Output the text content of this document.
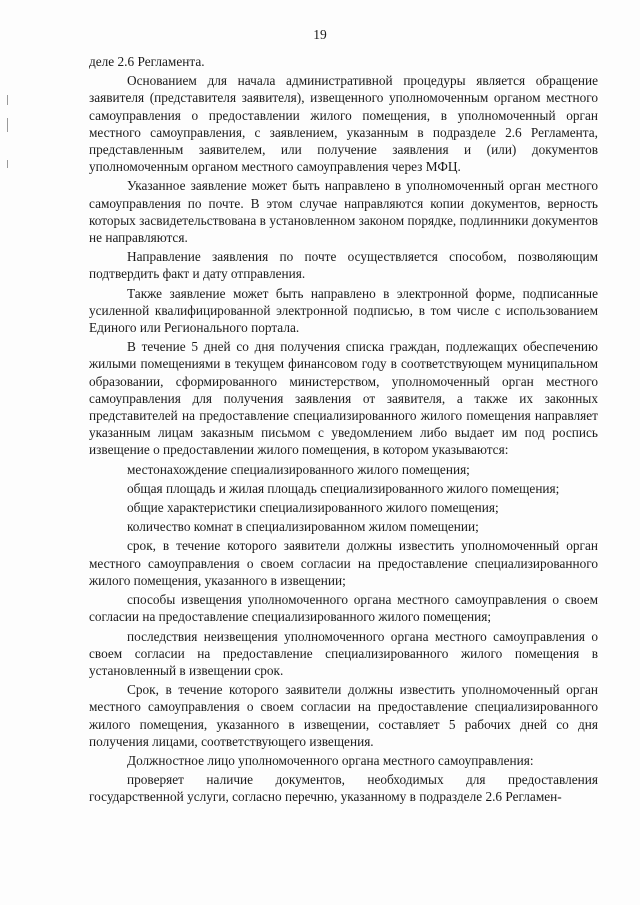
19

деле 2.6 Регламента.

Основанием для начала административной процедуры является обращение заявителя (представителя заявителя), извещенного уполномоченным органом местного самоуправления о предоставлении жилого помещения, в уполномоченный орган местного самоуправления, с заявлением, указанным в подразделе 2.6 Регламента, представленным заявителем, или получение заявления и (или) документов уполномоченным органом местного самоуправления через МФЦ.

Указанное заявление может быть направлено в уполномоченный орган местного самоуправления по почте. В этом случае направляются копии документов, верность которых засвидетельствована в установленном законом порядке, подлинники документов не направляются.

Направление заявления по почте осуществляется способом, позволяющим подтвердить факт и дату отправления.

Также заявление может быть направлено в электронной форме, подписанные усиленной квалифицированной электронной подписью, в том числе с использованием Единого или Регионального портала.

В течение 5 дней со дня получения списка граждан, подлежащих обеспечению жилыми помещениями в текущем финансовом году в соответствующем муниципальном образовании, сформированного министерством, уполномоченный орган местного самоуправления для получения заявления от заявителя, а также их законных представителей на предоставление специализированного жилого помещения направляет указанным лицам заказным письмом с уведомлением либо выдает им под роспись извещение о предоставлении жилого помещения, в котором указываются:

местонахождение специализированного жилого помещения;

общая площадь и жилая площадь специализированного жилого помещения;

общие характеристики специализированного жилого помещения;

количество комнат в специализированном жилом помещении;

срок, в течение которого заявители должны известить уполномоченный орган местного самоуправления о своем согласии на предоставление специализированного жилого помещения, указанного в извещении;

способы извещения уполномоченного органа местного самоуправления о своем согласии на предоставление специализированного жилого помещения;

последствия неизвещения уполномоченного органа местного самоуправления о своем согласии на предоставление специализированного жилого помещения в установленный в извещении срок.

Срок, в течение которого заявители должны известить уполномоченный орган местного самоуправления о своем согласии на предоставление специализированного жилого помещения, указанного в извещении, составляет 5 рабочих дней со дня получения лицами, соответствующего извещения.

Должностное лицо уполномоченного органа местного самоуправления:

проверяет наличие документов, необходимых для предоставления государственной услуги, согласно перечню, указанному в подразделе 2.6 Регламен-
